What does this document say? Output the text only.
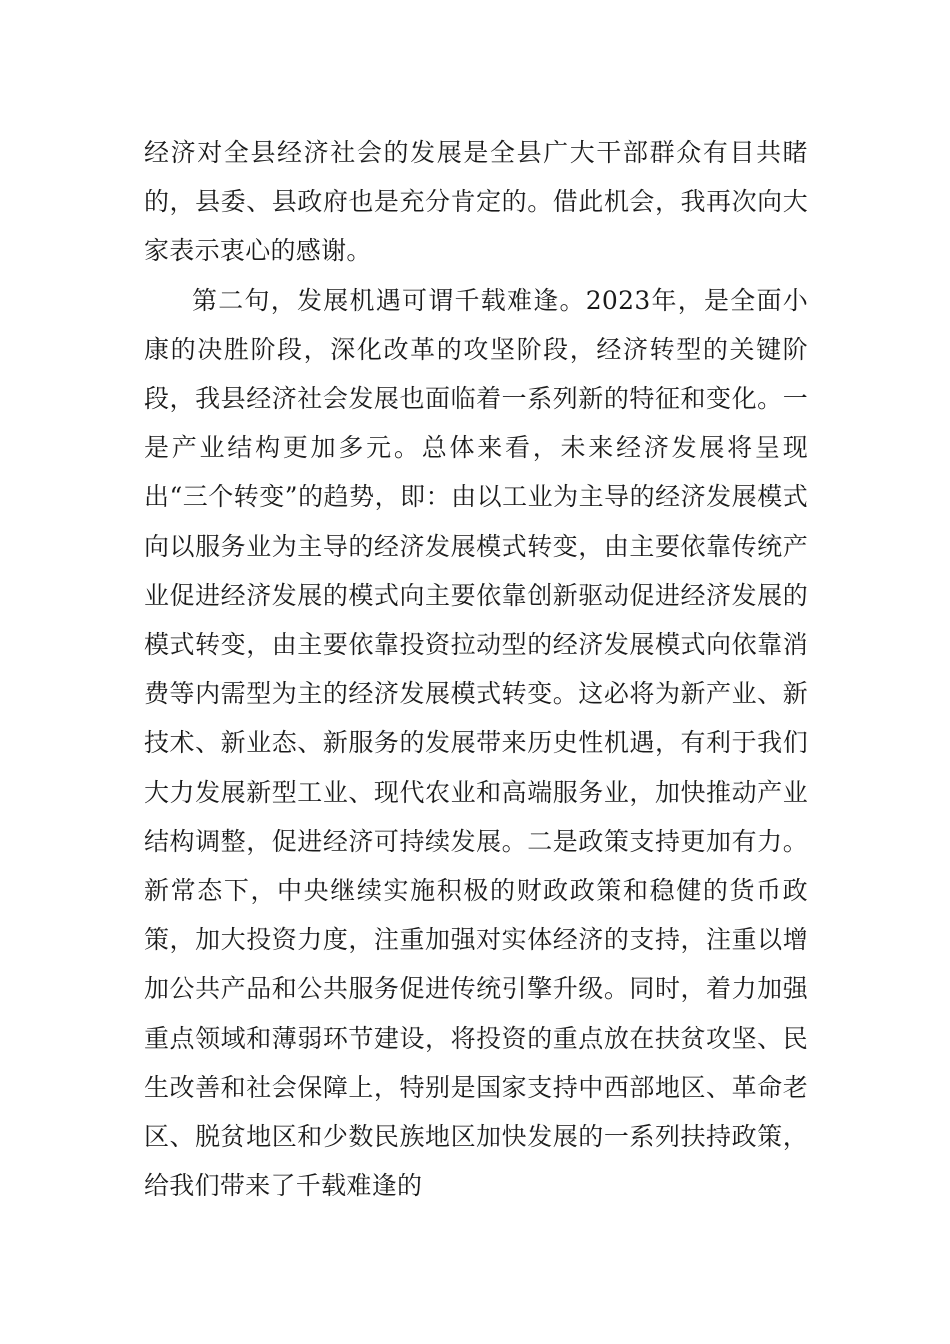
经济对全县经济社会的发展是全县广大干部群众有目共睹的，县委、县政府也是充分肯定的。借此机会，我再次向大家表示衷心的感谢。

第二句，发展机遇可谓千载难逢。2023年，是全面小康的决胜阶段，深化改革的攻坚阶段，经济转型的关键阶段，我县经济社会发展也面临着一系列新的特征和变化。一是产业结构更加多元。总体来看，未来经济发展将呈现出“三个转变”的趋势，即：由以工业为主导的经济发展模式向以服务业为主导的经济发展模式转变，由主要依靠传统产业促进经济发展的模式向主要依靠创新驱动促进经济发展的模式转变，由主要依靠投资拉动型的经济发展模式向依靠消费等内需型为主的经济发展模式转变。这必将为新产业、新技术、新业态、新服务的发展带来历史性机遇，有利于我们大力发展新型工业、现代农业和高端服务业，加快推动产业结构调整，促进经济可持续发展。二是政策支持更加有力。新常态下，中央继续实施积极的财政政策和稳健的货币政策，加大投资力度，注重加强对实体经济的支持，注重以增加公共产品和公共服务促进传统引擎升级。同时，着力加强重点领域和薄弱环节建设，将投资的重点放在扶贫攻坚、民生改善和社会保障上，特别是国家支持中西部地区、革命老区、脱贫地区和少数民族地区加快发展的一系列扶持政策，给我们带来了千载难逢的
